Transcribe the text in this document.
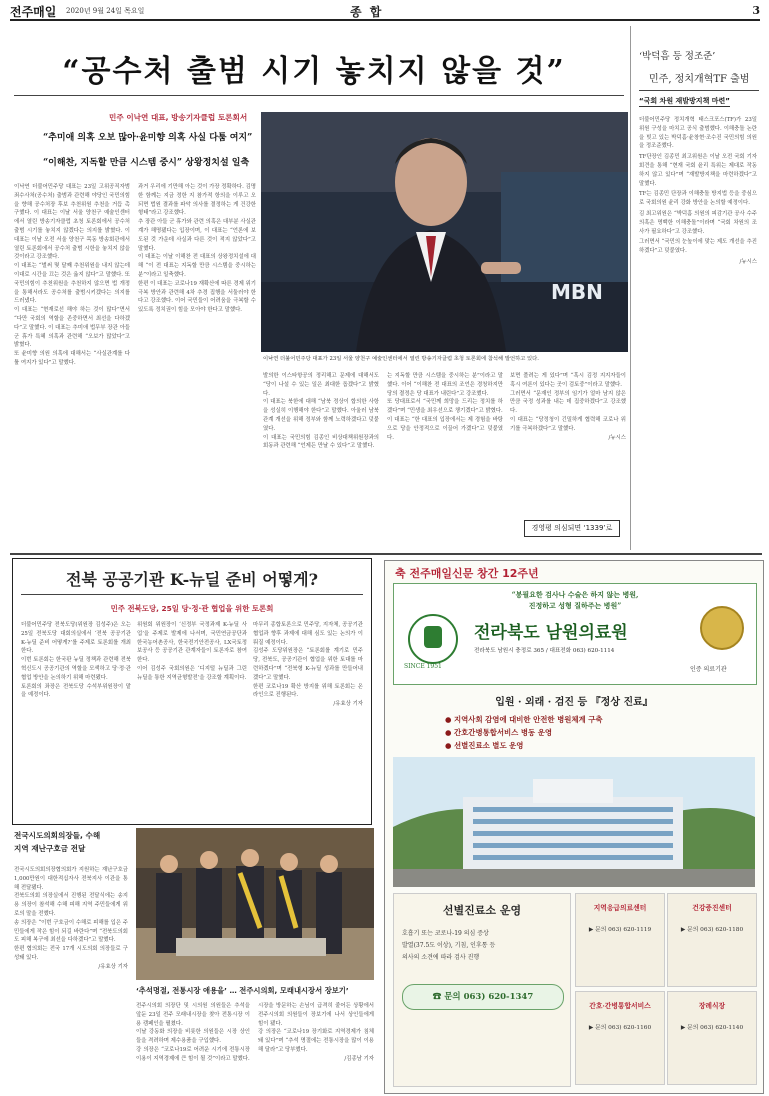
전주매일 2020년 9월 24일 목요일	종 합	3
“공수처 출범 시기 놓치지 않을 것”	‘박덕흠 등 정조준’
민주, 정치개혁TF 출범
“국회 차원 재발방지책 마련”

더불어민주당 정치개혁 태스크포스(TF)가 23일 위원 구성을 마치고 공식 출범했다. 이해충돌 논란을 빚고 있는 박덕흠·윤창현·조수진 국민의힘 의원을 정조준했다.

TF단장인 김종민 최고위원은 이날 오전 국회 기자회견을 통해 “현재 국회 윤리 특위는 제대로 작동하지 않고 있다”며 “재발방지책을 마련하겠다”고 말했다.

TF는 김종민 단장과 이해충돌 방지법 등을 중심으로 국회의원 윤리 강화 방안을 논의할 예정이다.

김 최고위원은 “박덕흠 의원의 피감기관 공사 수주 의혹은 명백한 이해충돌”이라며 “국회 차원의 조사가 필요하다”고 강조했다.

그러면서 “국민의 눈높이에 맞는 제도 개선을 추진하겠다”고 덧붙였다.

/뉴시스
민주 이낙연 대표, 방송기자클럽 토론회서
“추미애 의혹 오보 많아·윤미향 의혹 사실 다툼 여지”
“이해찬, 지독할 만큼 시스템 중시” 상왕정치설 일축
MBN
이낙연 더불어민주당 대표가 23일 서울 양천구 예술인센터에서 열린 방송기자클럽 초청 토론회에 참석해 발언하고 있다.

이낙연 더불어민주당 대표는 23일 고위공직자범죄수사처(공수처) 출범과 관련해 야당인 국민의힘을 향해 공수처장 후보 추천위원 추천을 거듭 촉구했다. 이 대표는 이날 서울 양천구 예술인센터에서 열린 방송기자클럽 초청 토론회에서 공수처 출범 시기를 놓치지 않겠다는 의지를 밝혔다. 이 대표는 이날 오전 서울 양천구 목동 방송회관에서 열린 토론회에서 공수처 출범 시한을 놓치지 않을 것이라고 강조했다.

이 대표는 “벌써 몇 달째 추천위원을 내지 않는데 이대로 시간을 끄는 것은 옳지 않다”고 말했다. 또 국민의힘이 추천위원을 추천하지 않으면 법 개정을 통해서라도 공수처를 출범시키겠다는 의지를 드러냈다.

이 대표는 “현재로선 해야 하는 것이 많다”면서 “다만 국회의 역할을 존중하면서 최선을 다하겠다”고 말했다. 이 대표는 추미애 법무부 장관 아들 군 휴가 특혜 의혹과 관련해 “오보가 많았다”고 밝혔다.

또 윤미향 의원 의혹에 대해서는 “사실관계를 다툴 여지가 있다”고 말했다.

과거 우리에 기만해 아는 것이 가장 정확하다. 김명한 함께는 지금 정한 지 참가적 항의을 이루고 오 되면 법원 결과를 파악 의사를 결정하는 게 건강한 형태”라고 강조했다.

추 장관 아들 군 휴가와 관련 의혹은 대부분 사실관계가 해명됐다는 입장이며, 이 대표는 “언론에 보도된 것 가운데 사실과 다른 것이 적지 않았다”고 말했다.

이 대표는 이날 이해찬 전 대표의 상왕정치설에 대해 “이 전 대표는 지독할 만큼 시스템을 중시하는 분”이라고 일축했다.

한편 이 대표는 코로나19 재확산에 따른 경제 위기 극복 방안과 관련해 4차 추경 집행을 서둘러야 한다고 강조했다. 이어 국민들이 어려움을 극복할 수 있도록 정치권이 힘을 모아야 한다고 말했다.

발의한 이스타항공의 정리해고 문제에 대해서도 “당이 나설 수 있는 일은 최대한 돕겠다”고 밝혔다.

이 대표는 북한에 대해 “남북 정상이 합의한 사항을 성실히 이행해야 한다”고 말했다. 아울러 남북 관계 개선을 위해 정부와 함께 노력하겠다고 덧붙였다.

이 대표는 국민의힘 김종인 비상대책위원장과의 회동과 관련해 “언제든 만날 수 있다”고 말했다.

는 지독할 만큼 시스템을 중시하는 분”이라고 말했다. 이어 “이해찬 전 대표의 조언은 경청하지만 당의 결정은 당 대표가 내린다”고 강조했다.

또 당대표로서 “국민께 희망을 드리는 정치를 하겠다”며 “민생을 최우선으로 챙기겠다”고 밝혔다.

이 대표는 “한 대표의 입장에서는 제 경험을 바탕으로 당을 안정적으로 이끌어 가겠다”고 덧붙였다.

보면 풀려는 게 있다”며 “혹시 김정 지지자들이 혹시 여론이 있다는 곳이 검토중”이라고 말했다.

그러면서 “문재인 정부의 임기가 얼마 남지 않은 만큼 국정 성과를 내는 데 집중하겠다”고 강조했다.

이 대표는 “당정청이 긴밀하게 협력해 코로나 위기를 극복하겠다”고 말했다.

/뉴시스
경영평 의심되면 ‘1339’로
전북 공공기관 K-뉴딜 준비 어떻게?
민주 전북도당, 25일 당·정·관 협업을 위한 토론회

더불어민주당 전북도당(위원장 김성주)은 오는 25일 전북도당 대회의실에서 ‘전북 공공기관 K-뉴딜 준비 어떻게?’를 주제로 토론회를 개최한다.

이번 토론회는 한국판 뉴딜 정책과 관련해 전북 혁신도시 공공기관의 역할을 모색하고 당·정·관 협업 방안을 논의하기 위해 마련됐다.

토론회의 좌장은 전북도당 수석부위원장이 맡을 예정이다.

위원회 위원장이 ‘신정부 국정과제 K-뉴딜 사업’을 주제로 발제에 나서며, 국민연금공단과 한국농어촌공사, 한국전기안전공사, LX국토정보공사 등 공공기관 관계자들이 토론자로 참여한다.

이어 김성주 국회의원은 ‘디지털 뉴딜과 그린 뉴딜을 통한 지역균형발전’을 강조할 계획이다.

마무리 종합토론으로 민주당, 지자체, 공공기관 협업과 향후 과제에 대해 심도 있는 논의가 이뤄질 예정이다.

김성주 도당위원장은 “토론회를 계기로 민주당, 전북도, 공공기관이 협업을 위한 토대를 마련하겠다”며 “전북형 K-뉴딜 성과를 만들어내겠다”고 말했다.

한편 코로나19 확산 방지를 위해 토론회는 온라인으로 진행된다.

/유효상 기자
전국시도의회의장들, 수해
지역 재난구호금 전달

전국시도의회의장협의회가 지원하는 재난구호금 1,000만원이 대한적십자사 전북지사 이관을 통해 전달됐다.

전북도의회 의장실에서 진행된 전달식에는 송지용 의장이 참석해 수해 피해 지역 주민들에게 위로의 말을 전했다.

송 의장은 “이번 구호금이 수해로 피해를 입은 주민들에게 작은 힘이 되길 바란다”며 “전북도의회도 피해 복구에 최선을 다하겠다”고 말했다.

한편 협의회는 전국 17개 시도의회 의장들로 구성돼 있다.

/유효상 기자
‘추석명절, 전통시장 애용을’ … 전주시의회, 모래내시장서 장보기’

전주시의회 의장단 및 시의원 의원들은 추석을 앞둔 23일 전주 모래내시장을 찾아 전통시장 이용 캠페인을 펼쳤다.

이날 강동화 의장을 비롯한 의원들은 시장 상인들을 격려하며 제수용품을 구입했다.

강 의장은 “코로나19로 어려운 시기에 전통시장 이용이 지역경제에 큰 힘이 될 것”이라고 말했다.

시장을 방문하는 손님이 급격히 줄어든 상황에서 전주시의회 의원들이 장보기에 나서 상인들에게 힘이 됐다.

강 의장은 “코로나19 장기화로 지역경제가 침체돼 있다”며 “추석 명절에는 전통시장을 많이 이용해 달라”고 당부했다.

/김종남 기자
축 전주매일신문 창간 12주년
“봉필요한 검사나 수술은 하지 않는 병원,
진정하고 성형 질하주는 병원”
SINCE 1951
전라북도 남원의료원
전라북도 남원시 충정로 365 / 대표전화 063) 620-1114
인증 의료기관
입원 · 외래 · 검진 등 『정상 진료』
● 지역사회 감염에 대비한 안전한 병원체계 구축
● 간호간병통합서비스 병동 운영
● 선별진료소 별도 운영
선별진료소 운영
호흡기 또는 코로나-19 의심 증상
발열(37.5도 이상), 기침, 인후통 등
의사의 소견에 따라 검사 진행
☎ 문의 063) 620-1347
지역응급의료센터
▶ 문의 063) 620-1119
건강증진센터
▶ 문의 063) 620-1180
간호·간병통합서비스
▶ 문의 063) 620-1160
장례식장
▶ 문의 063) 620-1140
